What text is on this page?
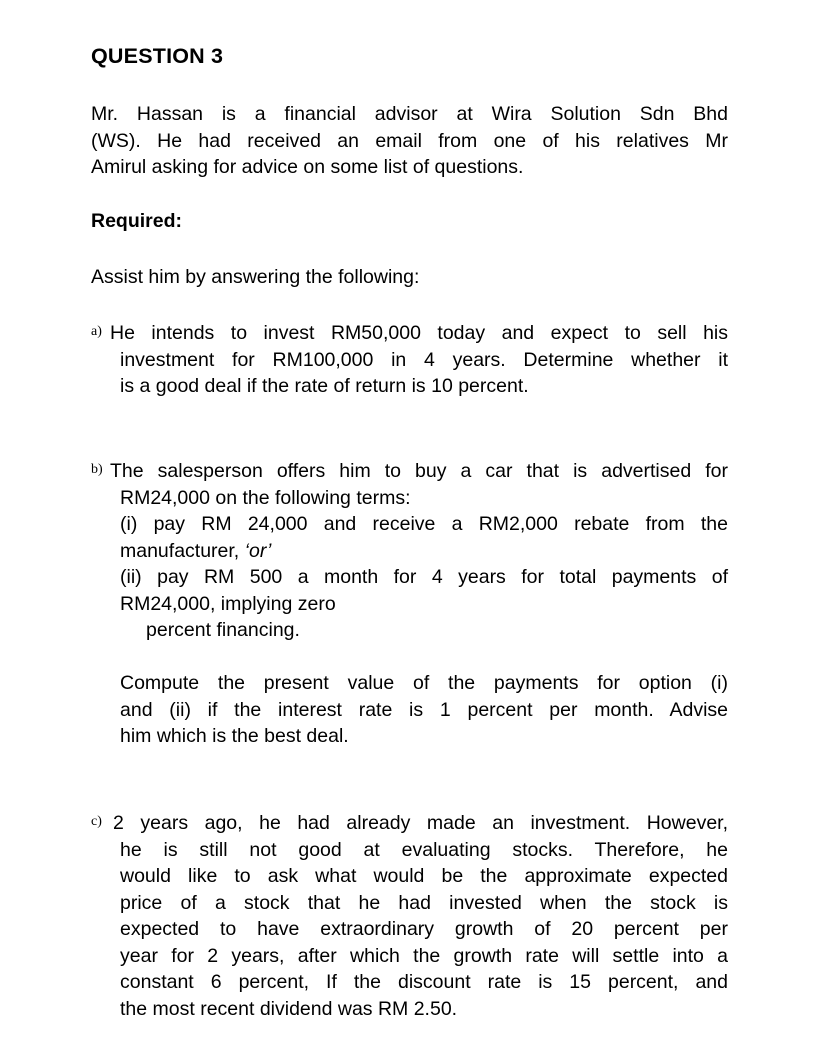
QUESTION 3
Mr. Hassan is a financial advisor at Wira Solution Sdn Bhd
(WS). He had received an email from one of his relatives Mr
Amirul asking for advice on some list of questions.
Required:
Assist him by answering the following:
a) He intends to invest RM50,000 today and expect to sell his
investment for RM100,000 in 4 years. Determine whether it
is a good deal if the rate of return is 10 percent.
b) The salesperson offers him to buy a car that is advertised for
RM24,000 on the following terms:
(i) pay RM 24,000 and receive a RM2,000 rebate from the
manufacturer, ‘or’
(ii) pay RM 500 a month for 4 years for total payments of
RM24,000, implying zero
percent financing.
Compute the present value of the payments for option (i)
and (ii) if the interest rate is 1 percent per month. Advise
him which is the best deal.
c) 2 years ago, he had already made an investment. However,
he is still not good at evaluating stocks. Therefore, he
would like to ask what would be the approximate expected
price of a stock that he had invested when the stock is
expected to have extraordinary growth of 20 percent per
year for 2 years, after which the growth rate will settle into a
constant 6 percent, If the discount rate is 15 percent, and
the most recent dividend was RM 2.50.
